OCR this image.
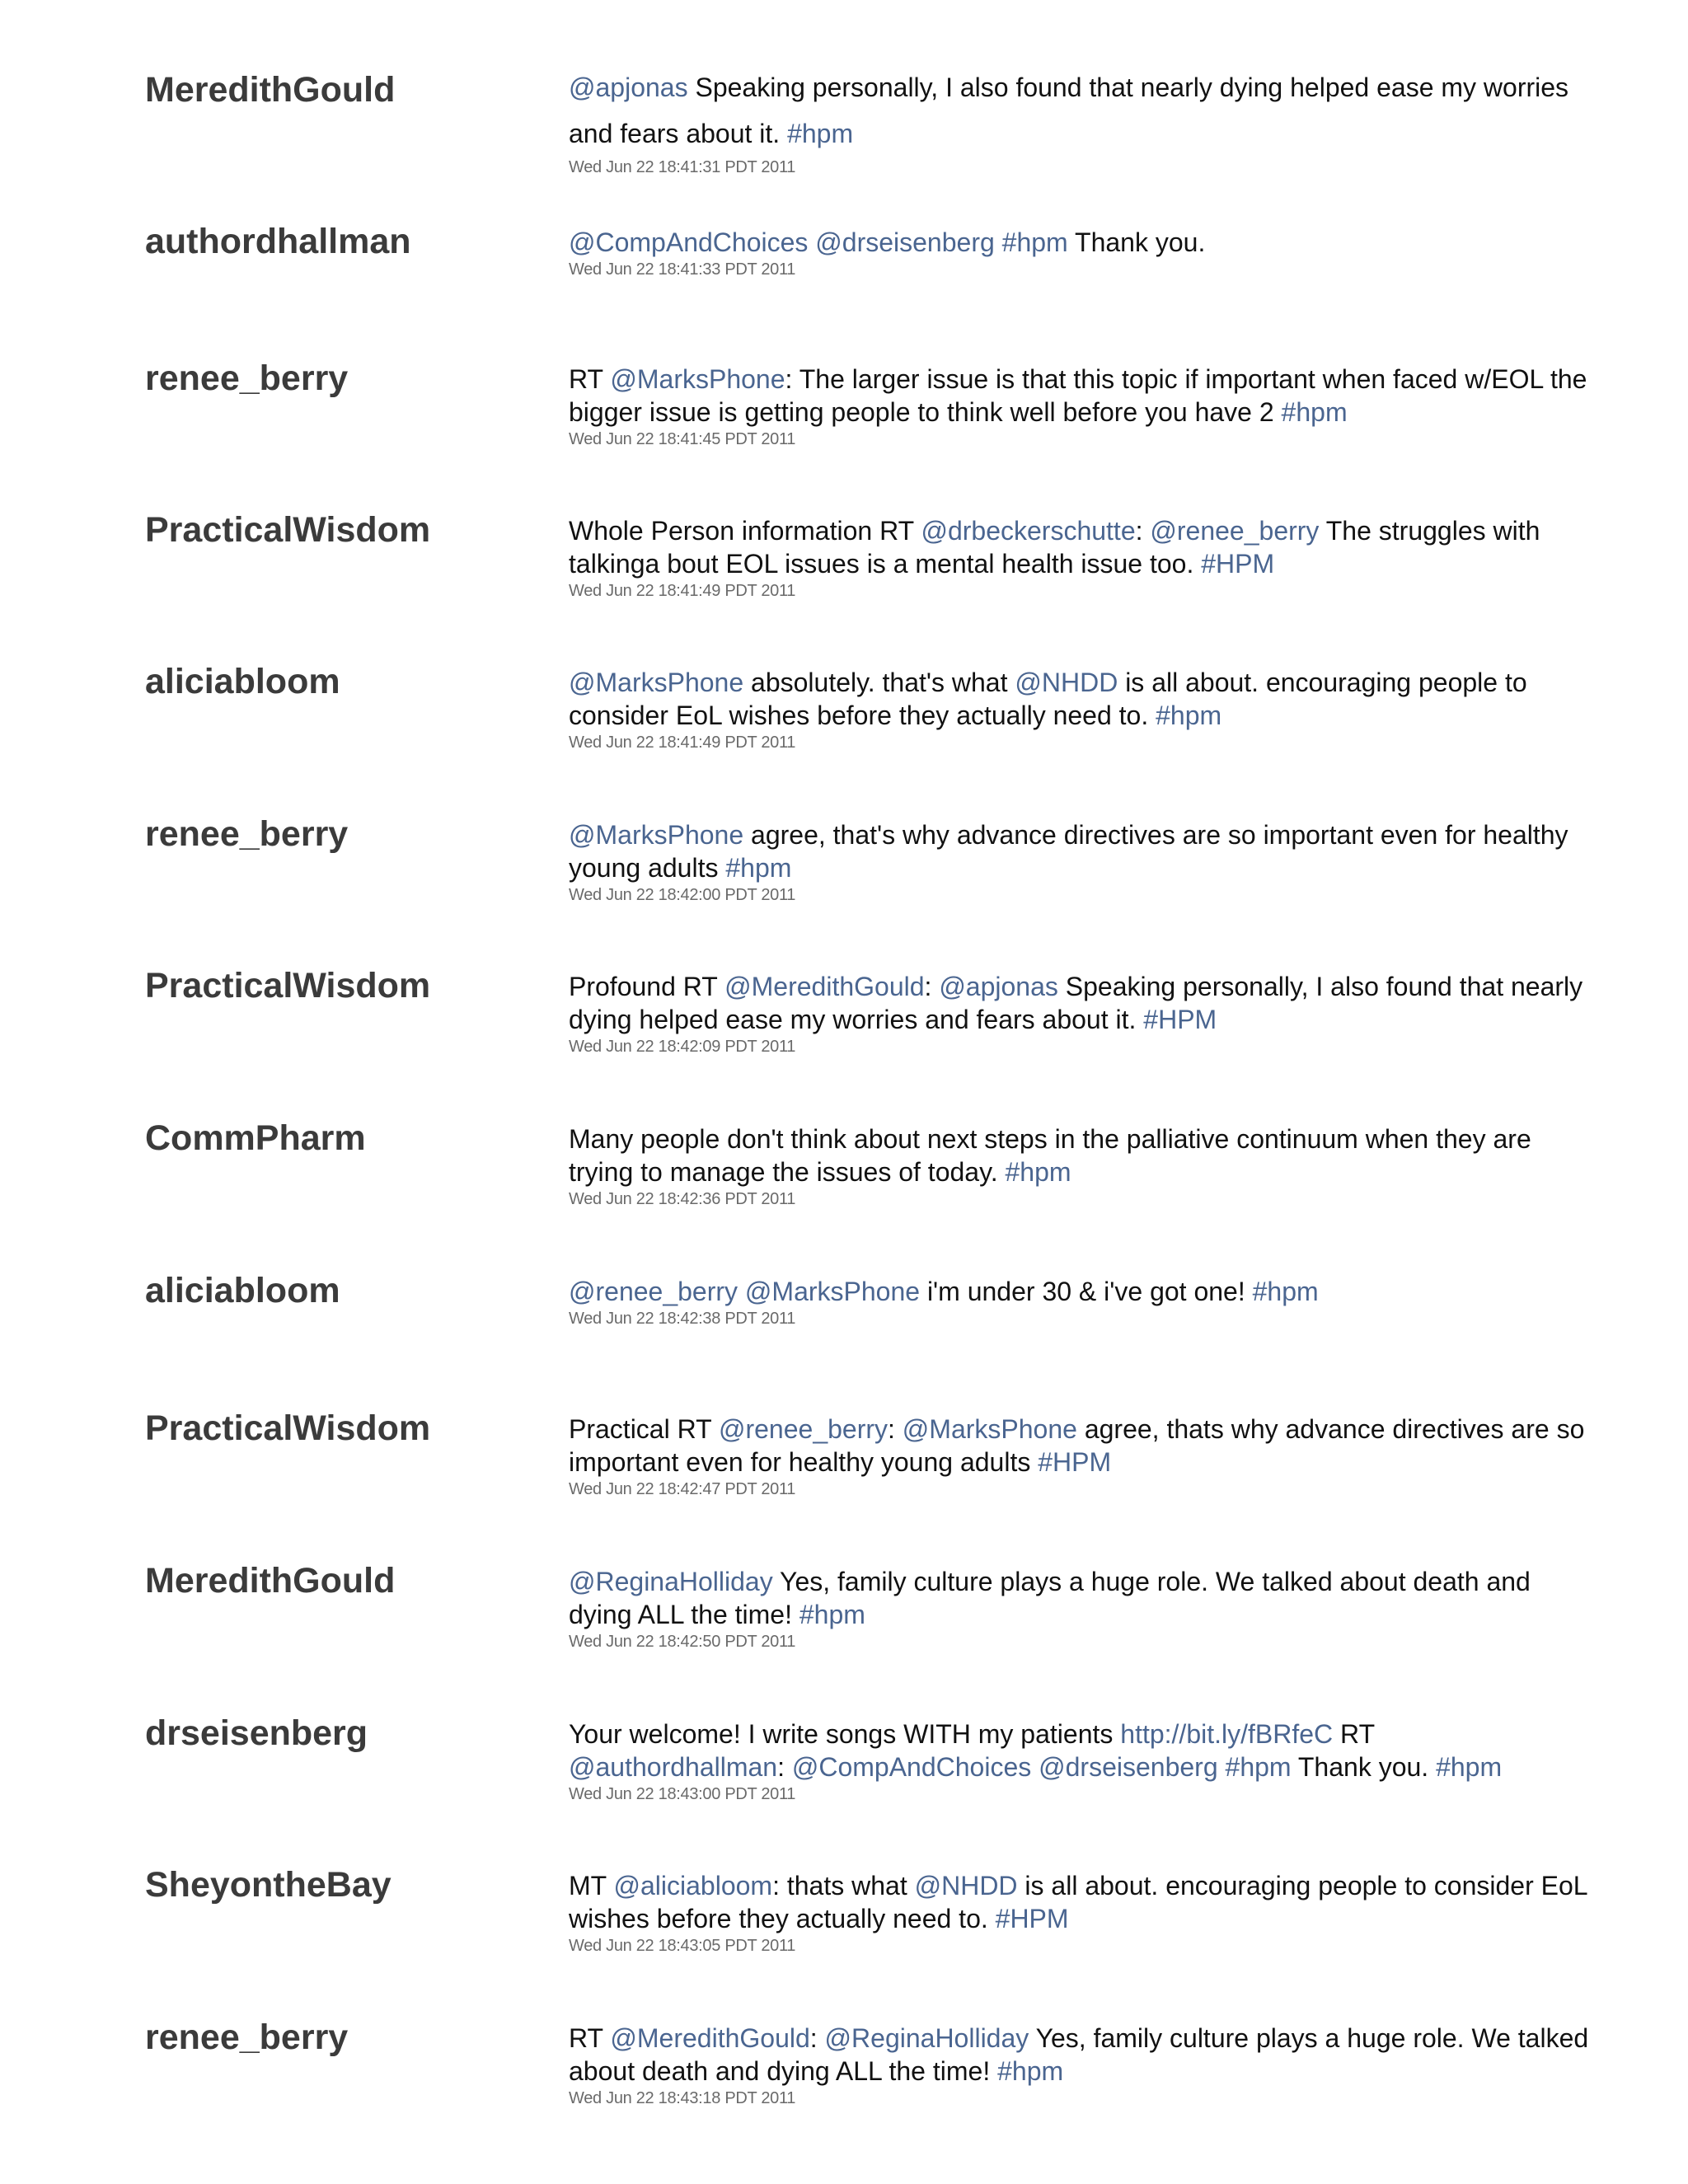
MeredithGould	@apjonas Speaking personally, I also found that nearly dying helped ease my worries and fears about it. #hpm

Wed Jun 22 18:41:31 PDT 2011
authordhallman	@CompAndChoices @drseisenberg #hpm Thank you.

Wed Jun 22 18:41:33 PDT 2011
renee_berry	RT @MarksPhone: The larger issue is that this topic if important when faced w/EOL the bigger issue is getting people to think well before you have 2 #hpm

Wed Jun 22 18:41:45 PDT 2011
PracticalWisdom	Whole Person information RT @drbeckerschutte: @renee_berry The struggles with talkinga bout EOL issues is a mental health issue too. #HPM

Wed Jun 22 18:41:49 PDT 2011
aliciabloom	@MarksPhone absolutely. that's what @NHDD is all about. encouraging people to consider EoL wishes before they actually need to. #hpm

Wed Jun 22 18:41:49 PDT 2011
renee_berry	@MarksPhone agree, that's why advance directives are so important even for healthy young adults #hpm

Wed Jun 22 18:42:00 PDT 2011
PracticalWisdom	Profound RT @MeredithGould: @apjonas Speaking personally, I also found that nearly dying helped ease my worries and fears about it. #HPM

Wed Jun 22 18:42:09 PDT 2011
CommPharm	Many people don't think about next steps in the palliative continuum when they are trying to manage the issues of today. #hpm

Wed Jun 22 18:42:36 PDT 2011
aliciabloom	@renee_berry @MarksPhone i'm under 30 & i've got one! #hpm

Wed Jun 22 18:42:38 PDT 2011
PracticalWisdom	Practical RT @renee_berry: @MarksPhone agree, thats why advance directives are so important even for healthy young adults #HPM

Wed Jun 22 18:42:47 PDT 2011
MeredithGould	@ReginaHolliday Yes, family culture plays a huge role. We talked about death and dying ALL the time! #hpm

Wed Jun 22 18:42:50 PDT 2011
drseisenberg	Your welcome! I write songs WITH my patients http://bit.ly/fBRfeC RT @authordhallman: @CompAndChoices @drseisenberg #hpm Thank you. #hpm

Wed Jun 22 18:43:00 PDT 2011
SheyontheBay	MT @aliciabloom: thats what @NHDD is all about. encouraging people to consider EoL wishes before they actually need to. #HPM

Wed Jun 22 18:43:05 PDT 2011
renee_berry	RT @MeredithGould: @ReginaHolliday Yes, family culture plays a huge role. We talked about death and dying ALL the time! #hpm

Wed Jun 22 18:43:18 PDT 2011
